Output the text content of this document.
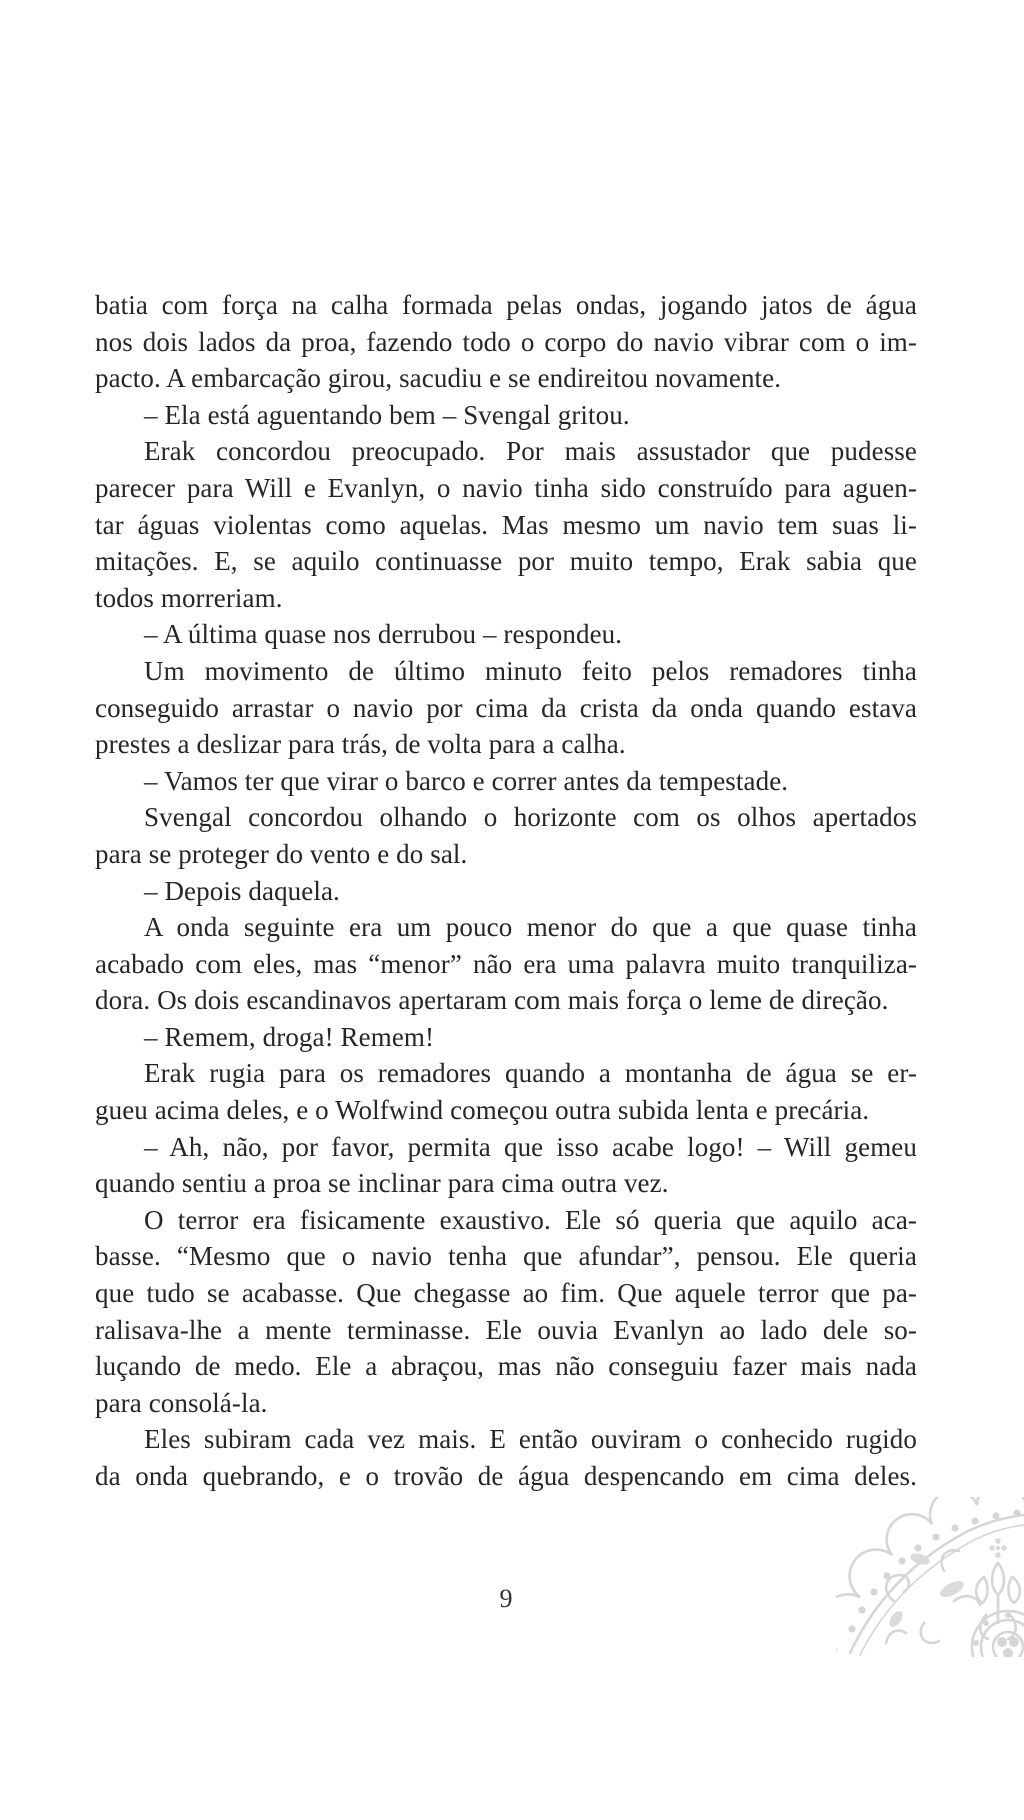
batia com força na calha formada pelas ondas, jogando jatos de água
nos dois lados da proa, fazendo todo o corpo do navio vibrar com o im-
pacto. A embarcação girou, sacudiu e se endireitou novamente.
– Ela está aguentando bem – Svengal gritou.
Erak concordou preocupado. Por mais assustador que pudesse
parecer para Will e Evanlyn, o navio tinha sido construído para aguen-
tar águas violentas como aquelas. Mas mesmo um navio tem suas li-
mitações. E, se aquilo continuasse por muito tempo, Erak sabia que
todos morreriam.
– A última quase nos derrubou – respondeu.
Um movimento de último minuto feito pelos remadores tinha
conseguido arrastar o navio por cima da crista da onda quando estava
prestes a deslizar para trás, de volta para a calha.
– Vamos ter que virar o barco e correr antes da tempestade.
Svengal concordou olhando o horizonte com os olhos apertados
para se proteger do vento e do sal.
– Depois daquela.
A onda seguinte era um pouco menor do que a que quase tinha
acabado com eles, mas “menor” não era uma palavra muito tranquiliza-
dora. Os dois escandinavos apertaram com mais força o leme de direção.
– Remem, droga! Remem!
Erak rugia para os remadores quando a montanha de água se er-
gueu acima deles, e o Wolfwind começou outra subida lenta e precária.
– Ah, não, por favor, permita que isso acabe logo! – Will gemeu
quando sentiu a proa se inclinar para cima outra vez.
O terror era fisicamente exaustivo. Ele só queria que aquilo aca-
basse. “Mesmo que o navio tenha que afundar”, pensou. Ele queria
que tudo se acabasse. Que chegasse ao fim. Que aquele terror que pa-
ralisava-lhe a mente terminasse. Ele ouvia Evanlyn ao lado dele so-
luçando de medo. Ele a abraçou, mas não conseguiu fazer mais nada
para consolá-la.
Eles subiram cada vez mais. E então ouviram o conhecido rugido
da onda quebrando, e o trovão de água despencando em cima deles.
9
